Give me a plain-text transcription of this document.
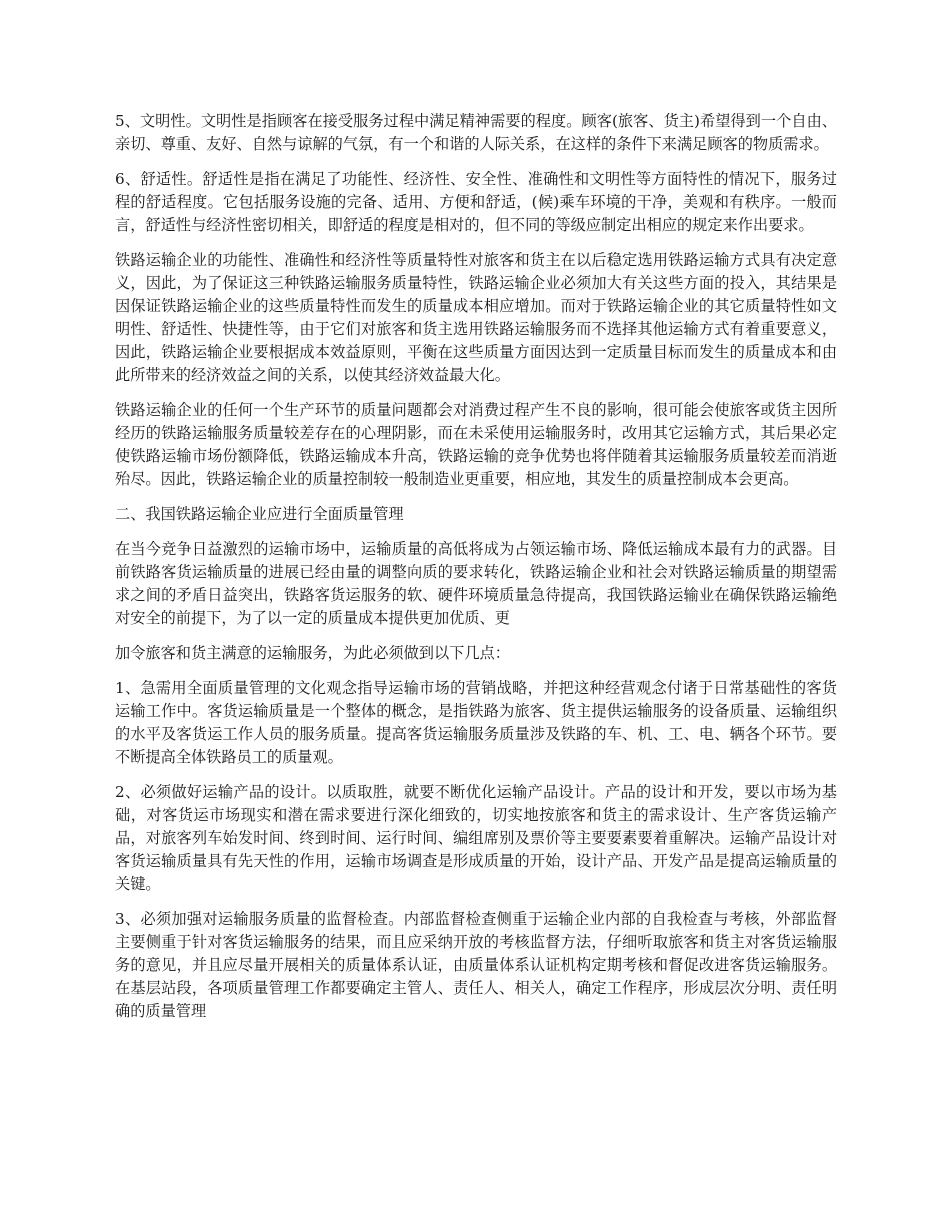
5、文明性。文明性是指顾客在接受服务过程中满足精神需要的程度。顾客(旅客、货主)希望得到一个自由、亲切、尊重、友好、自然与谅解的气氛，有一个和谐的人际关系，在这样的条件下来满足顾客的物质需求。

6、舒适性。舒适性是指在满足了功能性、经济性、安全性、准确性和文明性等方面特性的情况下，服务过程的舒适程度。它包括服务设施的完备、适用、方便和舒适，(候)乘车环境的干净，美观和有秩序。一般而言，舒适性与经济性密切相关，即舒适的程度是相对的，但不同的等级应制定出相应的规定来作出要求。

铁路运输企业的功能性、准确性和经济性等质量特性对旅客和货主在以后稳定选用铁路运输方式具有决定意义，因此，为了保证这三种铁路运输服务质量特性，铁路运输企业必须加大有关这些方面的投入，其结果是因保证铁路运输企业的这些质量特性而发生的质量成本相应增加。而对于铁路运输企业的其它质量特性如文明性、舒适性、快捷性等，由于它们对旅客和货主选用铁路运输服务而不选择其他运输方式有着重要意义，因此，铁路运输企业要根据成本效益原则，平衡在这些质量方面因达到一定质量目标而发生的质量成本和由此所带来的经济效益之间的关系，以使其经济效益最大化。

铁路运输企业的任何一个生产环节的质量问题都会对消费过程产生不良的影响，很可能会使旅客或货主因所经历的铁路运输服务质量较差存在的心理阴影，而在未采使用运输服务时，改用其它运输方式，其后果必定使铁路运输市场份额降低，铁路运输成本升高，铁路运输的竞争优势也将伴随着其运输服务质量较差而消逝殆尽。因此，铁路运输企业的质量控制较一般制造业更重要，相应地，其发生的质量控制成本会更高。

二、我国铁路运输企业应进行全面质量管理

在当今竞争日益激烈的运输市场中，运输质量的高低将成为占领运输市场、降低运输成本最有力的武器。目前铁路客货运输质量的进展已经由量的调整向质的要求转化，铁路运输企业和社会对铁路运输质量的期望需求之间的矛盾日益突出，铁路客货运服务的软、硬件环境质量急待提高，我国铁路运输业在确保铁路运输绝对安全的前提下，为了以一定的质量成本提供更加优质、更

加令旅客和货主满意的运输服务，为此必须做到以下几点：

1、急需用全面质量管理的文化观念指导运输市场的营销战略，并把这种经营观念付诸于日常基础性的客货运输工作中。客货运输质量是一个整体的概念，是指铁路为旅客、货主提供运输服务的设备质量、运输组织的水平及客货运工作人员的服务质量。提高客货运输服务质量涉及铁路的车、机、工、电、辆各个环节。要不断提高全体铁路员工的质量观。

2、必须做好运输产品的设计。以质取胜，就要不断优化运输产品设计。产品的设计和开发，要以市场为基础，对客货运市场现实和潜在需求要进行深化细致的，切实地按旅客和货主的需求设计、生产客货运输产品，对旅客列车始发时间、终到时间、运行时间、编组席别及票价等主要要素要着重解决。运输产品设计对客货运输质量具有先天性的作用，运输市场调查是形成质量的开始，设计产品、开发产品是提高运输质量的关键。

3、必须加强对运输服务质量的监督检查。内部监督检查侧重于运输企业内部的自我检查与考核，外部监督主要侧重于针对客货运输服务的结果，而且应采纳开放的考核监督方法，仔细听取旅客和货主对客货运输服务的意见，并且应尽量开展相关的质量体系认证，由质量体系认证机构定期考核和督促改进客货运输服务。在基层站段，各项质量管理工作都要确定主管人、责任人、相关人，确定工作程序，形成层次分明、责任明确的质量管理
